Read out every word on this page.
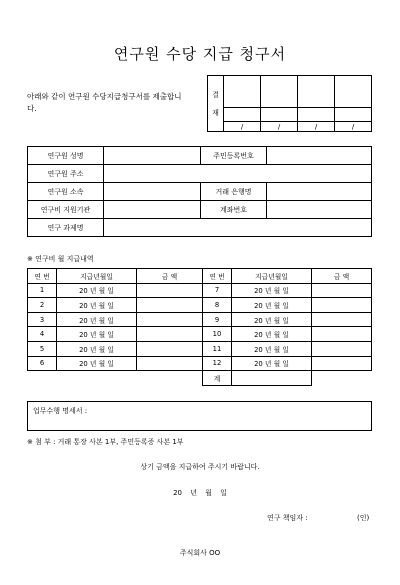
연구원 수당 지급 청구서
아래와 같이 연구원 수당지급청구서를 제출합니다.
결
재				

	/	/	/	/
연구원 성명		주민등록번호	
연구원 주소			
연구원 소속		거래 은행명	
연구비 지원기관		계좌번호	
연구 과제명			
※ 연구비 월 지급내역
연 번	지급년월일	금 액	연 번	지급년월일	금 액
1	20 년 월 일		7	20 년 월 일	
2	20 년 월 일		8	20 년 월 일	
3	20 년 월 일		9	20 년 월 일	
4	20 년 월 일		10	20 년 월 일	
5	20 년 월 일		11	20 년 월 일	
6	20 년 월 일		12	20 년 월 일	
			계		
업무수행 명세서 :
※ 첨 부 : 거래 통장 사본 1부, 주민등록증 사본 1부
상기 금액을 지급하여 주시기 바랍니다.
20 년 월 일
연구 책임자 :	(인)
주식회사 OO
